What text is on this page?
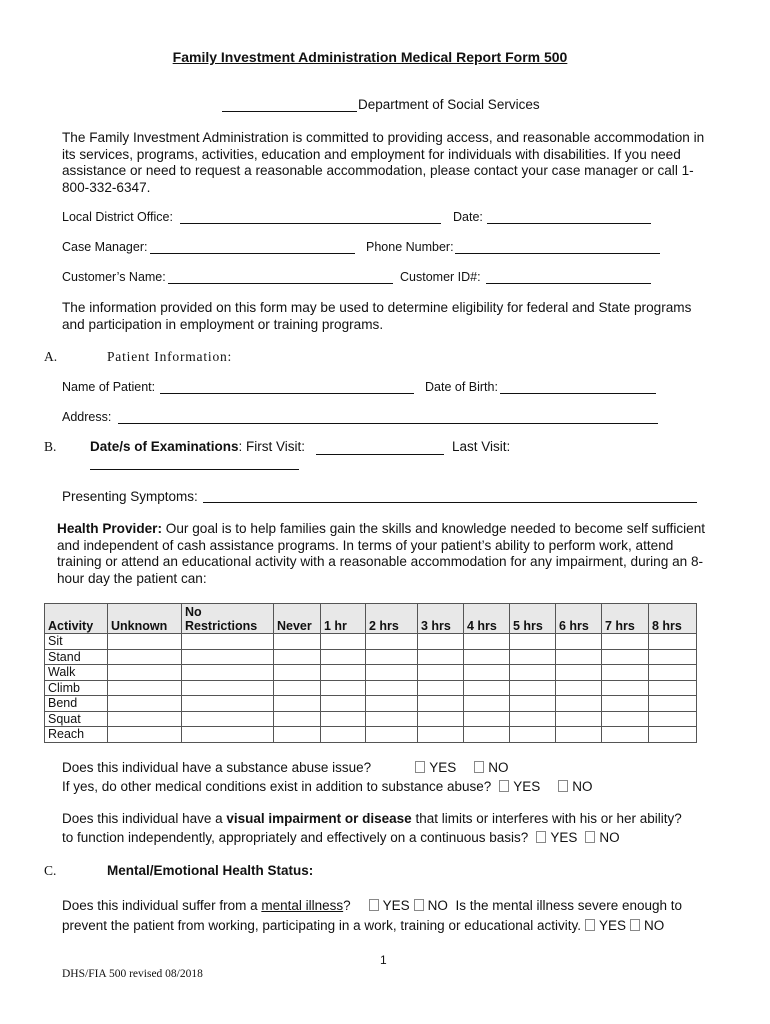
Family Investment Administration Medical Report Form 500
Department of Social Services
The Family Investment Administration is committed to providing access, and reasonable accommodation in its services, programs, activities, education and employment for individuals with disabilities. If you need assistance or need to request a reasonable accommodation, please contact your case manager or call 1-800-332-6347.
Local District Office:	Date:
Case Manager:	Phone Number:
Customer’s Name:	Customer ID#:
The information provided on this form may be used to determine eligibility for federal and State programs and participation in employment or training programs.
A.	Patient Information:
Name of Patient:	Date of Birth:
Address:
B. Date/s of Examinations: First Visit:	Last Visit:
Presenting Symptoms:
Health Provider: Our goal is to help families gain the skills and knowledge needed to become self sufficient and independent of cash assistance programs. In terms of your patient’s ability to perform work, attend training or attend an educational activity with a reasonable accommodation for any impairment, during an 8-hour day the patient can:
Activity	Unknown	No Restrictions	Never	1 hr	2 hrs	3 hrs	4 hrs	5 hrs	6 hrs	7 hrs	8 hrs
Sit											
Stand											
Walk											
Climb											
Bend											
Squat											
Reach											
Does this individual have a substance abuse issue?	YES NO
If yes, do other medical conditions exist in addition to substance abuse? YES NO
Does this individual have a visual impairment or disease that limits or interferes with his or her ability?
to function independently, appropriately and effectively on a continuous basis? YES NO
C.	Mental/Emotional Health Status:
Does this individual suffer from a mental illness? YES NO Is the mental illness severe enough to
prevent the patient from working, participating in a work, training or educational activity. YES NO
1
DHS/FIA 500 revised 08/2018
